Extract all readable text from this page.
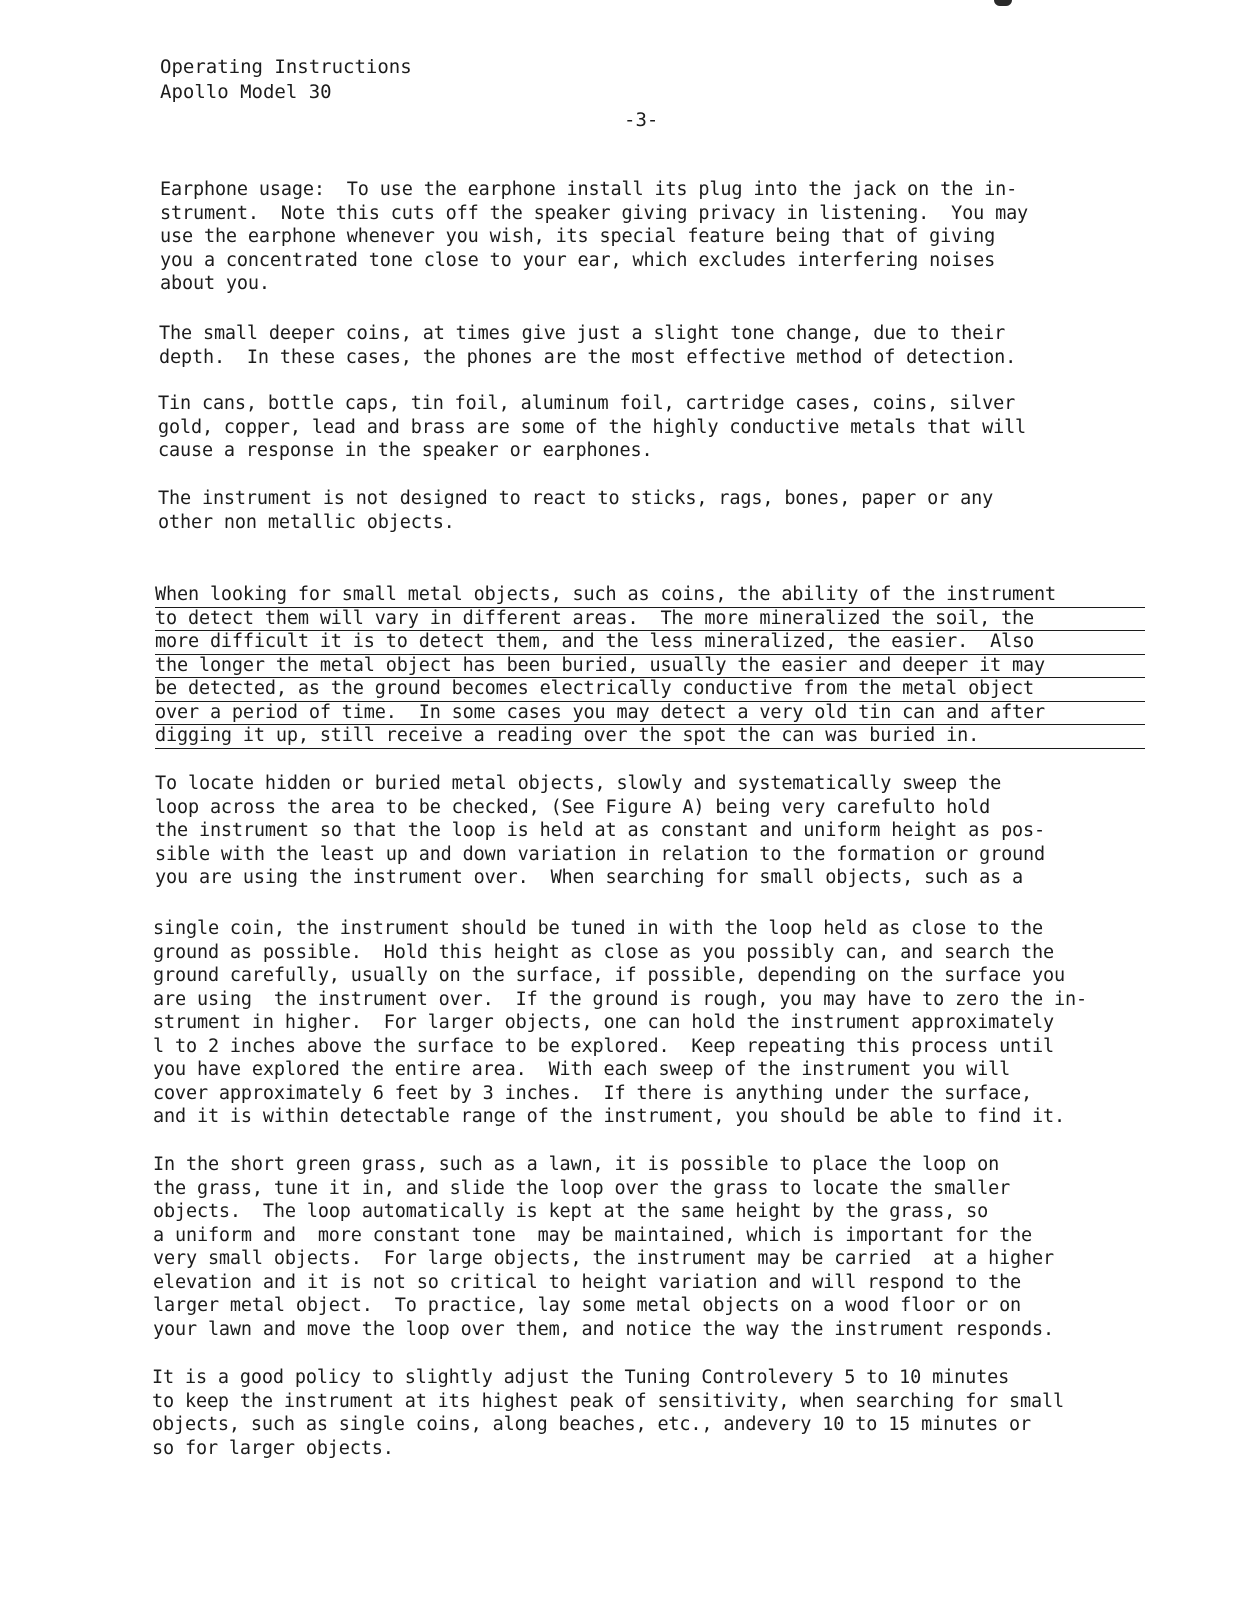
Operating Instructions
Apollo Model 30
-3-
Earphone usage:  To use the earphone install its plug into the jack on the in-
strument.  Note this cuts off the speaker giving privacy in listening.  You may
use the earphone whenever you wish, its special feature being that of giving
you a concentrated tone close to your ear, which excludes interfering noises
about you.
The small deeper coins, at times give just a slight tone change, due to their
depth.  In these cases, the phones are the most effective method of detection.
Tin cans, bottle caps, tin foil, aluminum foil, cartridge cases, coins, silver
gold, copper, lead and brass are some of the highly conductive metals that will
cause a response in the speaker or earphones.
The instrument is not designed to react to sticks, rags, bones, paper or any
other non metallic objects.
When looking for small metal objects, such as coins, the ability of the instrument
to detect them will vary in different areas.  The more mineralized the soil, the
more difficult it is to detect them, and the less mineralized, the easier.  Also
the longer the metal object has been buried, usually the easier and deeper it may
be detected, as the ground becomes electrically conductive from the metal object
over a period of time.  In some cases you may detect a very old tin can and after
digging it up, still receive a reading over the spot the can was buried in.
To locate hidden or buried metal objects, slowly and systematically sweep the
loop across the area to be checked, (See Figure A) being very carefulto hold
the instrument so that the loop is held at as constant and uniform height as pos-
sible with the least up and down variation in relation to the formation or ground
you are using the instrument over.  When searching for small objects, such as a
single coin, the instrument should be tuned in with the loop held as close to the
ground as possible.  Hold this height as close as you possibly can, and search the
ground carefully, usually on the surface, if possible, depending on the surface you
are using  the instrument over.  If the ground is rough, you may have to zero the in-
strument in higher.  For larger objects, one can hold the instrument approximately
l to 2 inches above the surface to be explored.  Keep repeating this process until
you have explored the entire area.  With each sweep of the instrument you will
cover approximately 6 feet by 3 inches.  If there is anything under the surface,
and it is within detectable range of the instrument, you should be able to find it.
In the short green grass, such as a lawn, it is possible to place the loop on
the grass, tune it in, and slide the loop over the grass to locate the smaller
objects.  The loop automatically is kept at the same height by the grass, so
a uniform and  more constant tone  may be maintained, which is important for the
very small objects.  For large objects, the instrument may be carried  at a higher
elevation and it is not so critical to height variation and will respond to the
larger metal object.  To practice, lay some metal objects on a wood floor or on
your lawn and move the loop over them, and notice the way the instrument responds.
It is a good policy to slightly adjust the Tuning Controlevery 5 to 10 minutes
to keep the instrument at its highest peak of sensitivity, when searching for small
objects, such as single coins, along beaches, etc., andevery 10 to 15 minutes or
so for larger objects.
